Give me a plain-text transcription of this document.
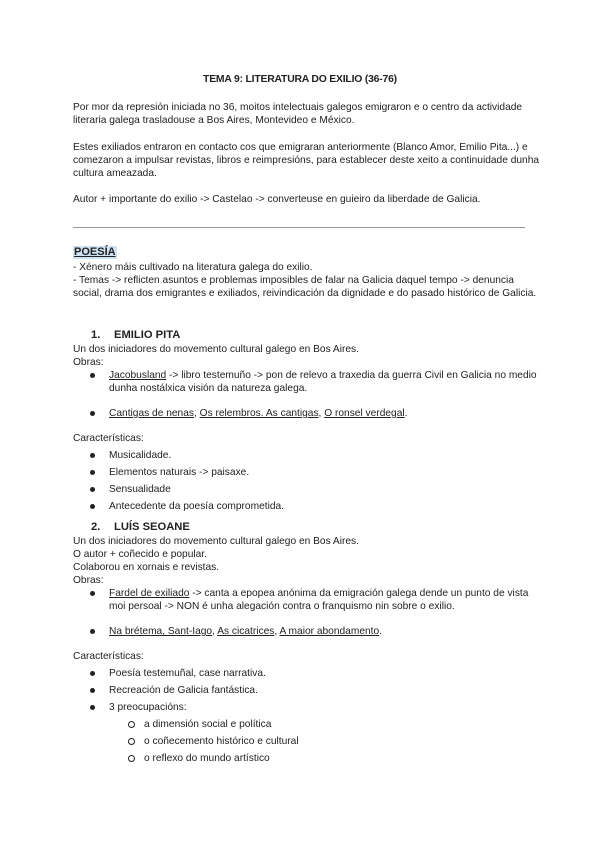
TEMA 9: LITERATURA DO EXILIO (36-76)

Por mor da represión iniciada no 36, moitos intelectuais galegos emigraron e o centro da actividade literaria galega trasladouse a Bos Aires, Montevideo e México.

Estes exiliados entraron en contacto cos que emigraran anteriormente (Blanco Amor, Emilio Pita...) e comezaron a impulsar revistas, libros e reimpresións, para establecer deste xeito a continuidade dunha cultura ameazada.

Autor + importante do exilio -> Castelao -> converteuse en guieiro da liberdade de Galicia.

POESÍA

- Xénero máis cultivado na literatura galega do exilio.

- Temas -> reflicten asuntos e problemas imposibles de falar na Galicia daquel tempo -> denuncia social, drama dos emigrantes e exiliados, reivindicación da dignidade e do pasado histórico de Galicia.

1.	EMILIO PITA

Un dos iniciadores do movemento cultural galego en Bos Aires.

Obras:

Jacobusland -> libro testemuño -> pon de relevo a traxedia da guerra Civil en Galicia no medio dunha nostálxica visión da natureza galega.
Cantigas de nenas, Os relembros. As cantigas, O ronsel verdegal.

Características:

Musicalidade.
Elementos naturais -> paisaxe.
Sensualidade
Antecedente da poesía comprometida.
2.	LUÍS SEOANE

Un dos iniciadores do movemento cultural galego en Bos Aires.

O autor + coñecido e popular.

Colaborou en xornais e revistas.

Obras:

Fardel de exiliado -> canta a epopea anónima da emigración galega dende un punto de vista moi persoal -> NON é unha alegación contra o franquismo nin sobre o exilio.
Na brétema, Sant-Iago, As cicatrices, A maior abondamento.

Características:

Poesía testemuñal, case narrativa.
Recreación de Galicia fantástica.
3 preocupacións:
a dimensión social e política
o coñecemento histórico e cultural
o reflexo do mundo artístico
